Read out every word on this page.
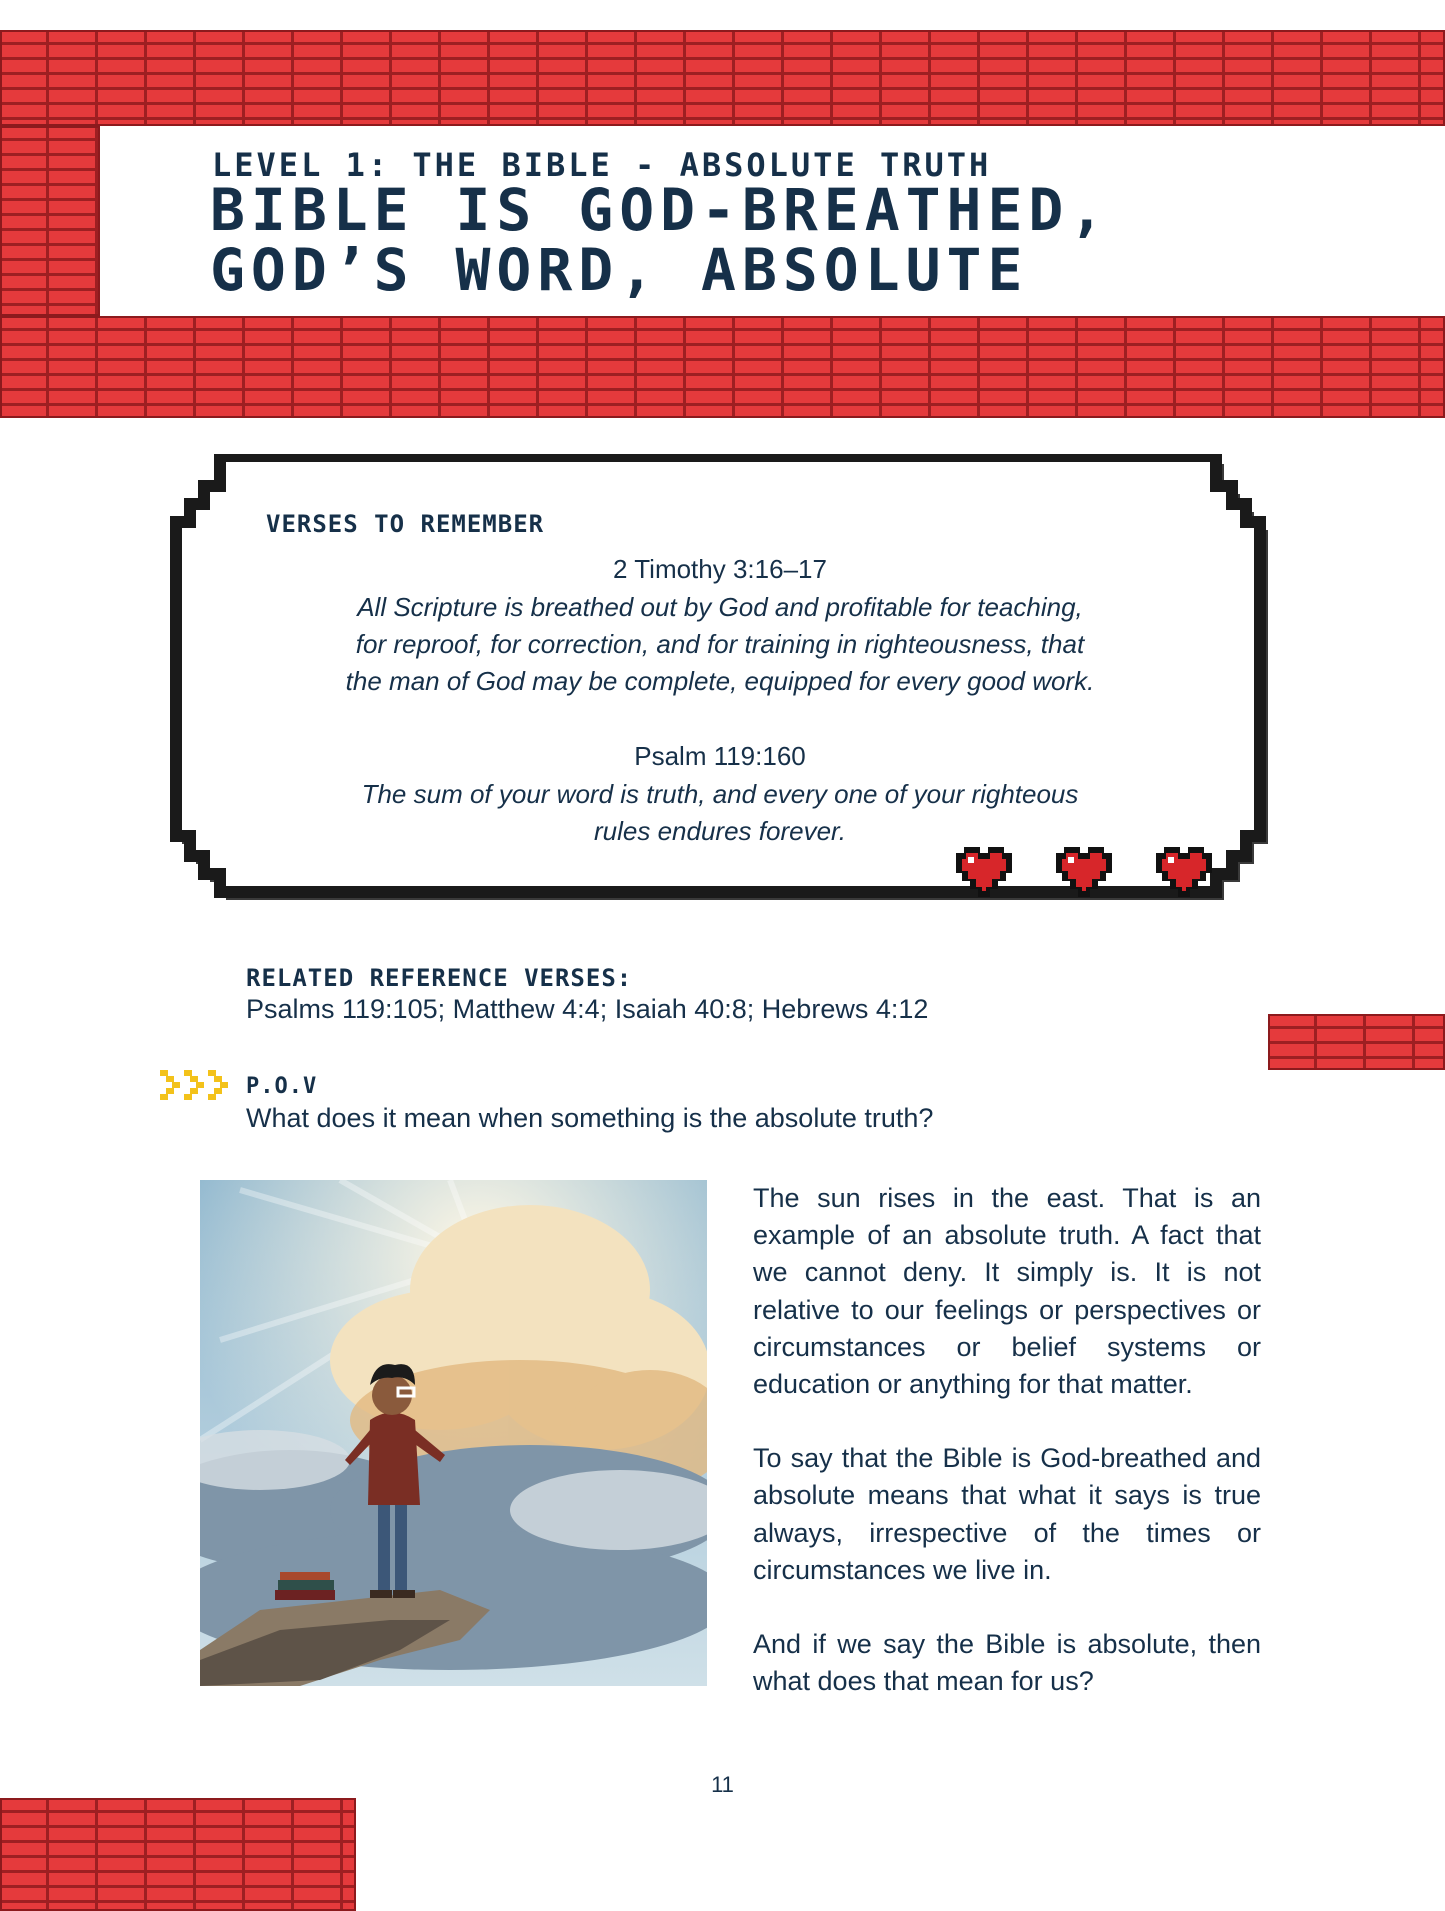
LEVEL 1: THE BIBLE - ABSOLUTE TRUTH
BIBLE IS GOD-BREATHED,
GOD’S WORD, ABSOLUTE
VERSES TO REMEMBER
2 Timothy 3:16–17
All Scripture is breathed out by God and profitable for teaching,
for reproof, for correction, and for training in righteousness, that
the man of God may be complete, equipped for every good work.
Psalm 119:160
The sum of your word is truth, and every one of your righteous
rules endures forever.
RELATED REFERENCE VERSES:
Psalms 119:105; Matthew 4:4; Isaiah 40:8; Hebrews 4:12
P.O.V
What does it mean when something is the absolute truth?

The sun rises in the east. That is an example of an absolute truth. A fact that we cannot deny. It simply is. It is not relative to our feelings or perspectives or circumstances or belief systems or education or anything for that matter.

To say that the Bible is God-breathed and absolute means that what it says is true always, irrespective of the times or circumstances we live in.

And if we say the Bible is absolute, then what does that mean for us?

11
